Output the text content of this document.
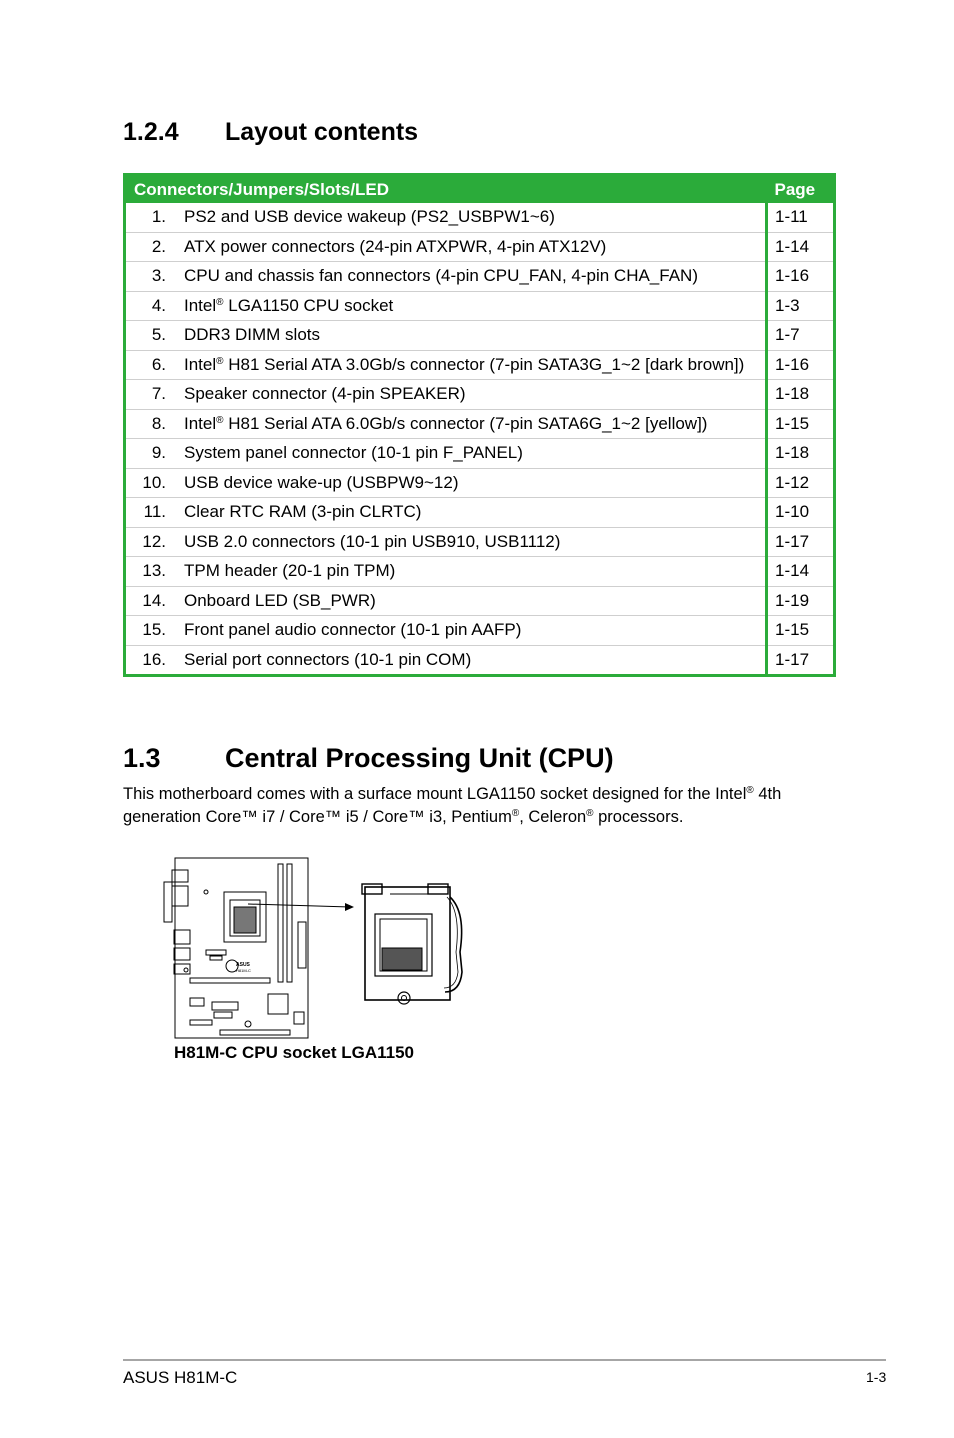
1.2.4 Layout contents
Connectors/Jumpers/Slots/LED		Page
1.	PS2 and USB device wakeup (PS2_USBPW1~6)	1-11
2.	ATX power connectors (24-pin ATXPWR, 4-pin ATX12V)	1-14
3.	CPU and chassis fan connectors (4-pin CPU_FAN, 4-pin CHA_FAN)	1-16
4.	Intel® LGA1150 CPU socket	1-3
5.	DDR3 DIMM slots	1-7
6.	Intel® H81 Serial ATA 3.0Gb/s connector (7-pin SATA3G_1~2 [dark brown])	1-16
7.	Speaker connector (4-pin SPEAKER)	1-18
8.	Intel® H81 Serial ATA 6.0Gb/s connector (7-pin SATA6G_1~2 [yellow])	1-15
9.	System panel connector (10-1 pin F_PANEL)	1-18
10.	USB device wake-up (USBPW9~12)	1-12
11.	Clear RTC RAM (3-pin CLRTC)	1-10
12.	USB 2.0 connectors (10-1 pin USB910, USB1112)	1-17
13.	TPM header (20-1 pin TPM)	1-14
14.	Onboard LED (SB_PWR)	1-19
15.	Front panel audio connector (10-1 pin AAFP)	1-15
16.	Serial port connectors (10-1 pin COM)	1-17
1.3 Central Processing Unit (CPU)

This motherboard comes with a surface mount LGA1150 socket designed for the Intel® 4th generation Core™ i7 / Core™ i5 / Core™ i3, Pentium®, Celeron® processors.

ASUS
H81M-C
H81M-C CPU socket LGA1150
ASUS H81M-C	1-3
